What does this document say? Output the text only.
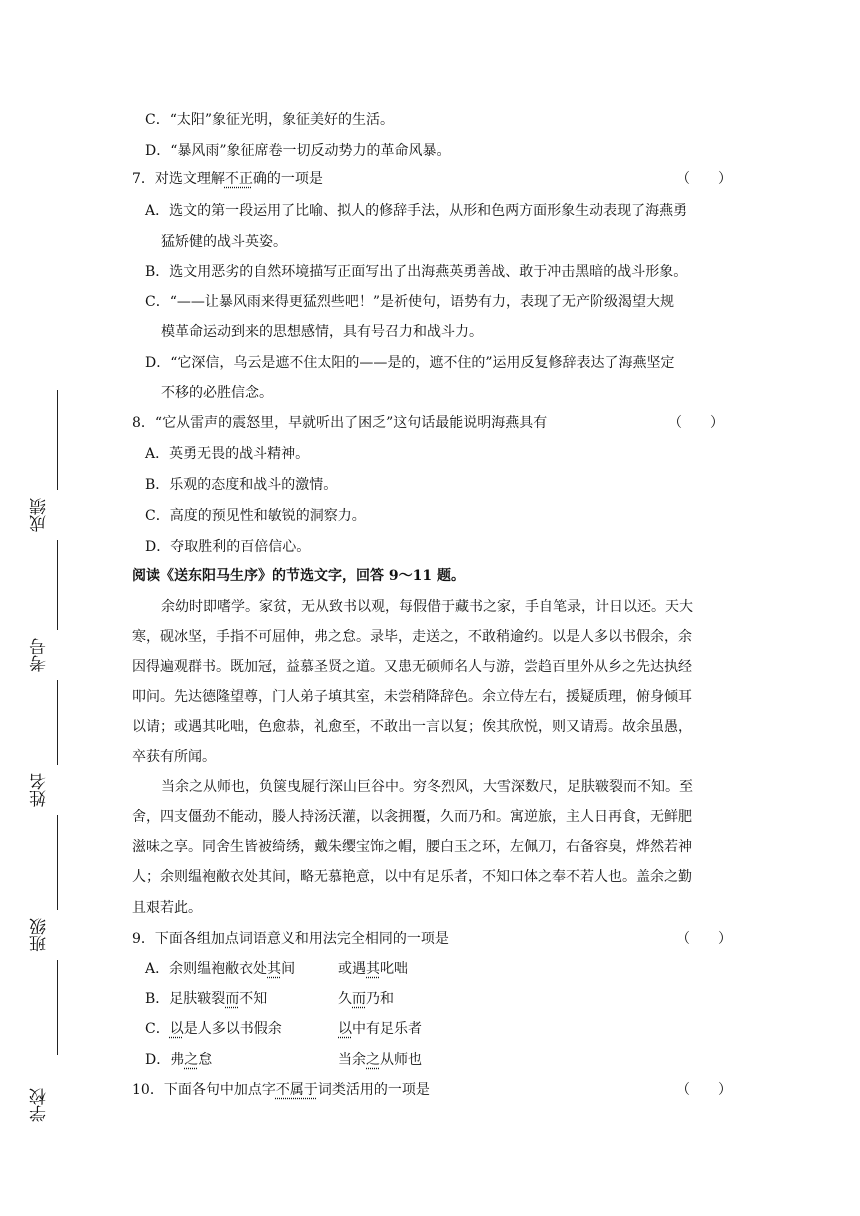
C．“太阳”象征光明，象征美好的生活。
D．“暴风雨”象征席卷一切反动势力的革命风暴。
7．对选文理解不正确的一项是	（　　）
A．选文的第一段运用了比喻、拟人的修辞手法，从形和色两方面形象生动表现了海燕勇
猛矫健的战斗英姿。
B．选文用恶劣的自然环境描写正面写出了出海燕英勇善战、敢于冲击黑暗的战斗形象。
C．“——让暴风雨来得更猛烈些吧！”是祈使句，语势有力，表现了无产阶级渴望大规
模革命运动到来的思想感情，具有号召力和战斗力。
D．“它深信，乌云是遮不住太阳的——是的，遮不住的”运用反复修辞表达了海燕坚定
不移的必胜信念。
8．“它从雷声的震怒里，早就听出了困乏”这句话最能说明海燕具有	（　　）
A．英勇无畏的战斗精神。
B．乐观的态度和战斗的激情。
C．高度的预见性和敏锐的洞察力。
D．夺取胜利的百倍信心。
阅读《送东阳马生序》的节选文字，回答 9～11 题。
余幼时即嗜学。家贫，无从致书以观，每假借于藏书之家，手自笔录，计日以还。天大
寒，砚冰坚，手指不可屈伸，弗之怠。录毕，走送之，不敢稍逾约。以是人多以书假余，余
因得遍观群书。既加冠，益慕圣贤之道。又患无硕师名人与游，尝趋百里外从乡之先达执经
叩问。先达德隆望尊，门人弟子填其室，未尝稍降辞色。余立侍左右，援疑质理，俯身倾耳
以请；或遇其叱咄，色愈恭，礼愈至，不敢出一言以复；俟其欣悦，则又请焉。故余虽愚，
卒获有所闻。
当余之从师也，负箧曳屣行深山巨谷中。穷冬烈风，大雪深数尺，足肤皲裂而不知。至
舍，四支僵劲不能动，媵人持汤沃灌，以衾拥覆，久而乃和。寓逆旅，主人日再食，无鲜肥
滋味之享。同舍生皆被绮绣，戴朱缨宝饰之帽，腰白玉之环，左佩刀，右备容臭，烨然若神
人；余则缊袍敝衣处其间，略无慕艳意，以中有足乐者，不知口体之奉不若人也。盖余之勤
且艰若此。
9．下面各组加点词语意义和用法完全相同的一项是	（　　）
A．余则缊袍敝衣处其间	或遇其叱咄
B．足肤皲裂而不知	久而乃和
C．以是人多以书假余	以中有足乐者
D．弗之怠	当余之从师也
10．下面各句中加点字不属于词类活用的一项是	（　　）
成绩
考号
姓名
班级
学校
